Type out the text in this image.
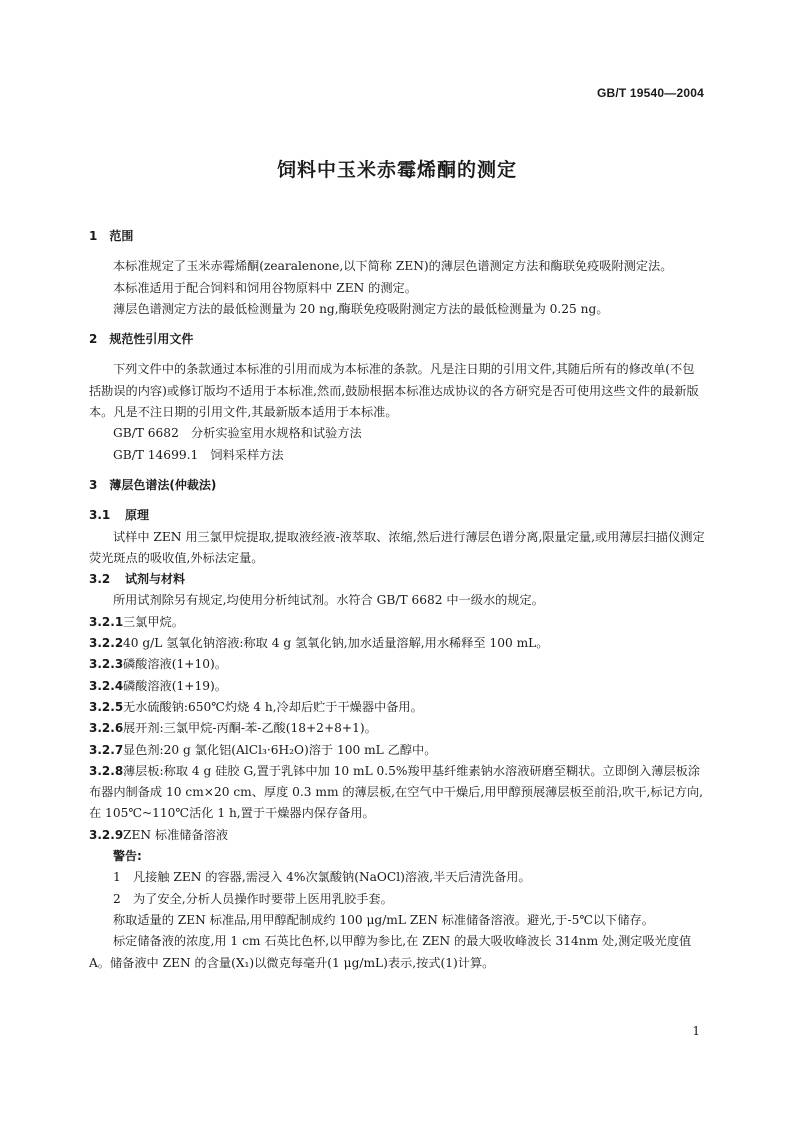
GB/T 19540—2004
饲料中玉米赤霉烯酮的测定
1　范围

本标准规定了玉米赤霉烯酮(zearalenone,以下简称 ZEN)的薄层色谱测定方法和酶联免疫吸附测定法。

本标准适用于配合饲料和饲用谷物原料中 ZEN 的测定。

薄层色谱测定方法的最低检测量为 20 ng,酶联免疫吸附测定方法的最低检测量为 0.25 ng。

2　规范性引用文件

下列文件中的条款通过本标准的引用而成为本标准的条款。凡是注日期的引用文件,其随后所有的修改单(不包括勘误的内容)或修订版均不适用于本标准,然而,鼓励根据本标准达成协议的各方研究是否可使用这些文件的最新版本。凡是不注日期的引用文件,其最新版本适用于本标准。

GB/T 6682　分析实验室用水规格和试验方法

GB/T 14699.1　饲料采样方法

3　薄层色谱法(仲裁法)
3.1 原理

试样中 ZEN 用三氯甲烷提取,提取液经液-液萃取、浓缩,然后进行薄层色谱分离,限量定量,或用薄层扫描仪测定荧光斑点的吸收值,外标法定量。

3.2 试剂与材料

所用试剂除另有规定,均使用分析纯试剂。水符合 GB/T 6682 中一级水的规定。

3.2.1三氯甲烷。
3.2.240 g/L 氢氧化钠溶液:称取 4 g 氢氧化钠,加水适量溶解,用水稀释至 100 mL。
3.2.3磷酸溶液(1+10)。
3.2.4磷酸溶液(1+19)。
3.2.5无水硫酸钠:650℃灼烧 4 h,冷却后贮于干燥器中备用。
3.2.6展开剂:三氯甲烷-丙酮-苯-乙酸(18+2+8+1)。
3.2.7显色剂:20 g 氯化铝(AlCl₃·6H₂O)溶于 100 mL 乙醇中。
3.2.8薄层板:称取 4 g 硅胶 G,置于乳钵中加 10 mL 0.5%羧甲基纤维素钠水溶液研磨至糊状。立即倒入薄层板涂布器内制备成 10 cm×20 cm、厚度 0.3 mm 的薄层板,在空气中干燥后,用甲醇预展薄层板至前沿,吹干,标记方向,在 105℃~110℃活化 1 h,置于干燥器内保存备用。
3.2.9ZEN 标准储备溶液
警告:

1　凡接触 ZEN 的容器,需浸入 4%次氯酸钠(NaOCl)溶液,半天后清洗备用。

2　为了安全,分析人员操作时要带上医用乳胶手套。

称取适量的 ZEN 标准品,用甲醇配制成约 100 μg/mL ZEN 标准储备溶液。避光,于-5℃以下储存。

标定储备液的浓度,用 1 cm 石英比色杯,以甲醇为参比,在 ZEN 的最大吸收峰波长 314nm 处,测定吸光度值 A。储备液中 ZEN 的含量(X₁)以微克每毫升(1 μg/mL)表示,按式(1)计算。

1
